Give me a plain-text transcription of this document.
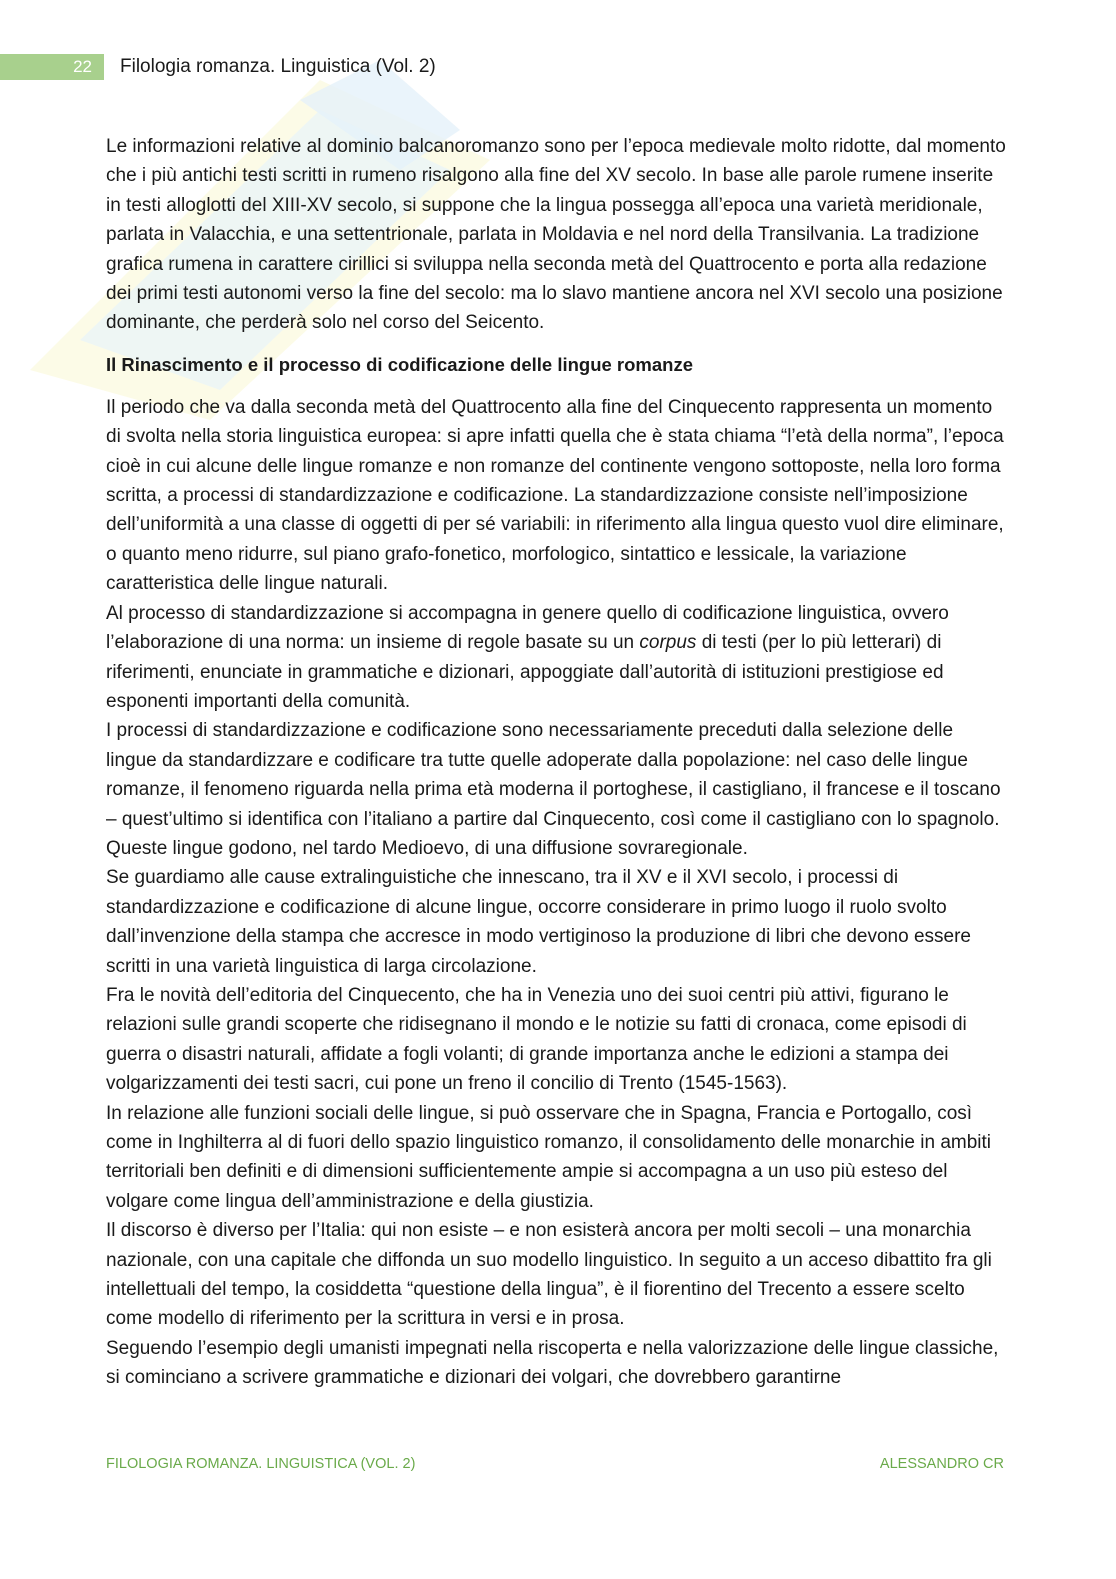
22	Filologia romanza. Linguistica (Vol. 2)

Le informazioni relative al dominio balcanoromanzo sono per l’epoca medievale molto ridotte, dal momento che i più antichi testi scritti in rumeno risalgono alla fine del XV secolo. In base alle parole rumene inserite in testi alloglotti del XIII-XV secolo, si suppone che la lingua possegga all’epoca una varietà meridionale, parlata in Valacchia, e una settentrionale, parlata in Moldavia e nel nord della Transilvania. La tradizione grafica rumena in carattere cirillici si sviluppa nella seconda metà del Quattrocento e porta alla redazione dei primi testi autonomi verso la fine del secolo: ma lo slavo mantiene ancora nel XVI secolo una posizione dominante, che perderà solo nel corso del Seicento.

Il Rinascimento e il processo di codificazione delle lingue romanze

Il periodo che va dalla seconda metà del Quattrocento alla fine del Cinquecento rappresenta un momento di svolta nella storia linguistica europea: si apre infatti quella che è stata chiama “l’età della norma”, l’epoca cioè in cui alcune delle lingue romanze e non romanze del continente vengono sottoposte, nella loro forma scritta, a processi di standardizzazione e codificazione. La standardizzazione consiste nell’imposizione dell’uniformità a una classe di oggetti di per sé variabili: in riferimento alla lingua questo vuol dire eliminare, o quanto meno ridurre, sul piano grafo-fonetico, morfologico, sintattico e lessicale, la variazione caratteristica delle lingue naturali.

Al processo di standardizzazione si accompagna in genere quello di codificazione linguistica, ovvero l’elaborazione di una norma: un insieme di regole basate su un corpus di testi (per lo più letterari) di riferimenti, enunciate in grammatiche e dizionari, appoggiate dall’autorità di istituzioni prestigiose ed esponenti importanti della comunità.

I processi di standardizzazione e codificazione sono necessariamente preceduti dalla selezione delle lingue da standardizzare e codificare tra tutte quelle adoperate dalla popolazione: nel caso delle lingue romanze, il fenomeno riguarda nella prima età moderna il portoghese, il castigliano, il francese e il toscano – quest’ultimo si identifica con l’italiano a partire dal Cinquecento, così come il castigliano con lo spagnolo. Queste lingue godono, nel tardo Medioevo, di una diffusione sovraregionale.

Se guardiamo alle cause extralinguistiche che innescano, tra il XV e il XVI secolo, i processi di standardizzazione e codificazione di alcune lingue, occorre considerare in primo luogo il ruolo svolto dall’invenzione della stampa che accresce in modo vertiginoso la produzione di libri che devono essere scritti in una varietà linguistica di larga circolazione.

Fra le novità dell’editoria del Cinquecento, che ha in Venezia uno dei suoi centri più attivi, figurano le relazioni sulle grandi scoperte che ridisegnano il mondo e le notizie su fatti di cronaca, come episodi di guerra o disastri naturali, affidate a fogli volanti; di grande importanza anche le edizioni a stampa dei volgarizzamenti dei testi sacri, cui pone un freno il concilio di Trento (1545-1563).

In relazione alle funzioni sociali delle lingue, si può osservare che in Spagna, Francia e Portogallo, così come in Inghilterra al di fuori dello spazio linguistico romanzo, il consolidamento delle monarchie in ambiti territoriali ben definiti e di dimensioni sufficientemente ampie si accompagna a un uso più esteso del volgare come lingua dell’amministrazione e della giustizia.

Il discorso è diverso per l’Italia: qui non esiste – e non esisterà ancora per molti secoli – una monarchia nazionale, con una capitale che diffonda un suo modello linguistico. In seguito a un acceso dibattito fra gli intellettuali del tempo, la cosiddetta “questione della lingua”, è il fiorentino del Trecento a essere scelto come modello di riferimento per la scrittura in versi e in prosa.

Seguendo l’esempio degli umanisti impegnati nella riscoperta e nella valorizzazione delle lingue classiche, si cominciano a scrivere grammatiche e dizionari dei volgari, che dovrebbero garantirne

FILOLOGIA ROMANZA. LINGUISTICA (VOL. 2)	ALESSANDRO CR
